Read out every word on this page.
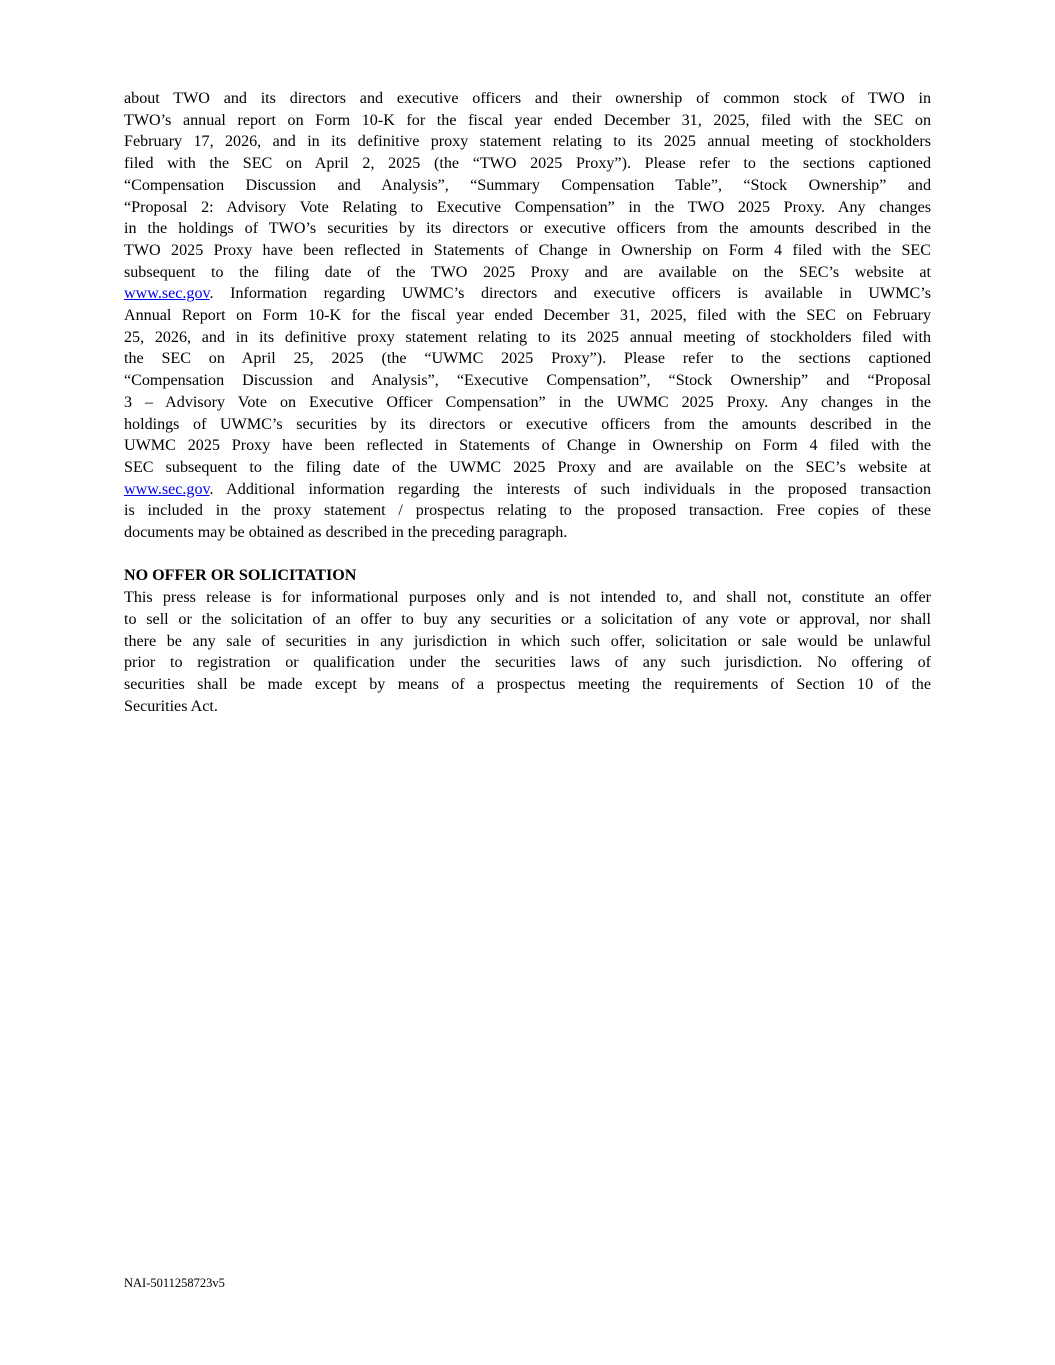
about TWO and its directors and executive officers and their ownership of common stock of TWO in
TWO’s annual report on Form 10-K for the fiscal year ended December 31, 2025, filed with the SEC on
February 17, 2026, and in its definitive proxy statement relating to its 2025 annual meeting of stockholders
filed with the SEC on April 2, 2025 (the “TWO 2025 Proxy”). Please refer to the sections captioned
“Compensation Discussion and Analysis”, “Summary Compensation Table”, “Stock Ownership” and
“Proposal 2: Advisory Vote Relating to Executive Compensation” in the TWO 2025 Proxy. Any changes
in the holdings of TWO’s securities by its directors or executive officers from the amounts described in the
TWO 2025 Proxy have been reflected in Statements of Change in Ownership on Form 4 filed with the SEC
subsequent to the filing date of the TWO 2025 Proxy and are available on the SEC’s website at
www.sec.gov. Information regarding UWMC’s directors and executive officers is available in UWMC’s
Annual Report on Form 10-K for the fiscal year ended December 31, 2025, filed with the SEC on February
25, 2026, and in its definitive proxy statement relating to its 2025 annual meeting of stockholders filed with
the SEC on April 25, 2025 (the “UWMC 2025 Proxy”). Please refer to the sections captioned
“Compensation Discussion and Analysis”, “Executive Compensation”, “Stock Ownership” and “Proposal
3 – Advisory Vote on Executive Officer Compensation” in the UWMC 2025 Proxy. Any changes in the
holdings of UWMC’s securities by its directors or executive officers from the amounts described in the
UWMC 2025 Proxy have been reflected in Statements of Change in Ownership on Form 4 filed with the
SEC subsequent to the filing date of the UWMC 2025 Proxy and are available on the SEC’s website at
www.sec.gov. Additional information regarding the interests of such individuals in the proposed transaction
is included in the proxy statement / prospectus relating to the proposed transaction. Free copies of these
documents may be obtained as described in the preceding paragraph.
NO OFFER OR SOLICITATION
This press release is for informational purposes only and is not intended to, and shall not, constitute an offer
to sell or the solicitation of an offer to buy any securities or a solicitation of any vote or approval, nor shall
there be any sale of securities in any jurisdiction in which such offer, solicitation or sale would be unlawful
prior to registration or qualification under the securities laws of any such jurisdiction. No offering of
securities shall be made except by means of a prospectus meeting the requirements of Section 10 of the
Securities Act.
NAI-5011258723v5
